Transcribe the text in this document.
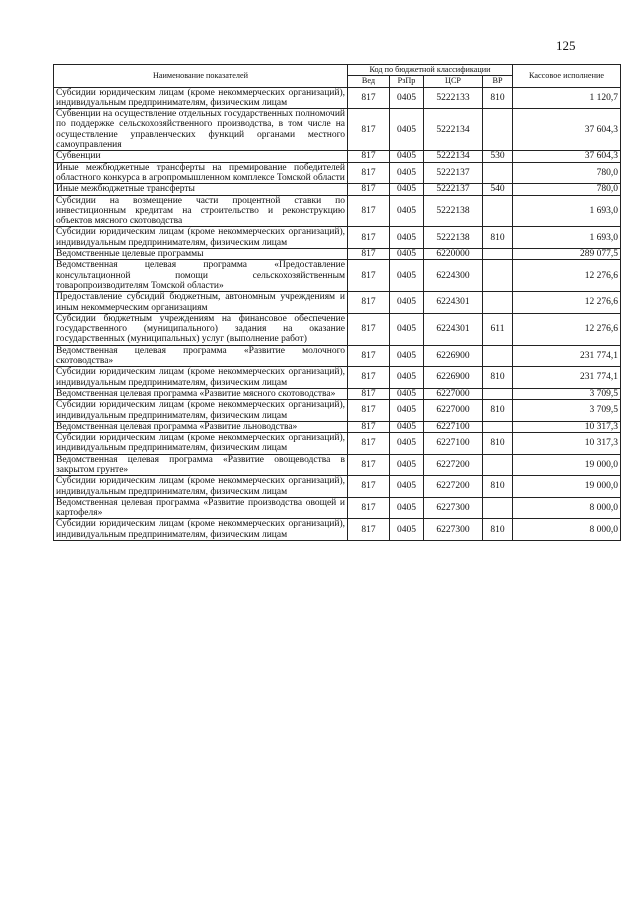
125
Наименование показателей	Код по бюджетной классификации				Кассовое исполнение
	Вед	РзПр	ЦСР	ВР	
Субсидии юридическим лицам (кроме некоммерческих организаций), индивидуальным предпринимателям, физическим лицам	817	0405	5222133	810	1 120,7
Субвенции на осуществление отдельных государственных полномочий по поддержке сельскохозяйственного производства, в том числе на осуществление управленческих функций органами местного самоуправления	817	0405	5222134		37 604,3
Субвенции	817	0405	5222134	530	37 604,3
Иные межбюджетные трансферты на премирование победителей областного конкурса в агропромышленном комплексе Томской области	817	0405	5222137		780,0
Иные межбюджетные трансферты	817	0405	5222137	540	780,0
Субсидии на возмещение части процентной ставки по инвестиционным кредитам на строительство и реконструкцию объектов мясного скотоводства	817	0405	5222138		1 693,0
Субсидии юридическим лицам (кроме некоммерческих организаций), индивидуальным предпринимателям, физическим лицам	817	0405	5222138	810	1 693,0
Ведомственные целевые программы	817	0405	6220000		289 077,5
Ведомственная целевая программа «Предоставление консультационной помощи сельскохозяйственным товаропроизводителям Томской области»	817	0405	6224300		12 276,6
Предоставление субсидий бюджетным, автономным учреждениям и иным некоммерческим организациям	817	0405	6224301		12 276,6
Субсидии бюджетным учреждениям на финансовое обеспечение государственного (муниципального) задания на оказание государственных (муниципальных) услуг (выполнение работ)	817	0405	6224301	611	12 276,6
Ведомственная целевая программа «Развитие молочного скотоводства»	817	0405	6226900		231 774,1
Субсидии юридическим лицам (кроме некоммерческих организаций), индивидуальным предпринимателям, физическим лицам	817	0405	6226900	810	231 774,1
Ведомственная целевая программа «Развитие мясного скотоводства»	817	0405	6227000		3 709,5
Субсидии юридическим лицам (кроме некоммерческих организаций), индивидуальным предпринимателям, физическим лицам	817	0405	6227000	810	3 709,5
Ведомственная целевая программа «Развитие льноводства»	817	0405	6227100		10 317,3
Субсидии юридическим лицам (кроме некоммерческих организаций), индивидуальным предпринимателям, физическим лицам	817	0405	6227100	810	10 317,3
Ведомственная целевая программа «Развитие овощеводства в закрытом грунте»	817	0405	6227200		19 000,0
Субсидии юридическим лицам (кроме некоммерческих организаций), индивидуальным предпринимателям, физическим лицам	817	0405	6227200	810	19 000,0
Ведомственная целевая программа «Развитие производства овощей и картофеля»	817	0405	6227300		8 000,0
Субсидии юридическим лицам (кроме некоммерческих организаций), индивидуальным предпринимателям, физическим лицам	817	0405	6227300	810	8 000,0
